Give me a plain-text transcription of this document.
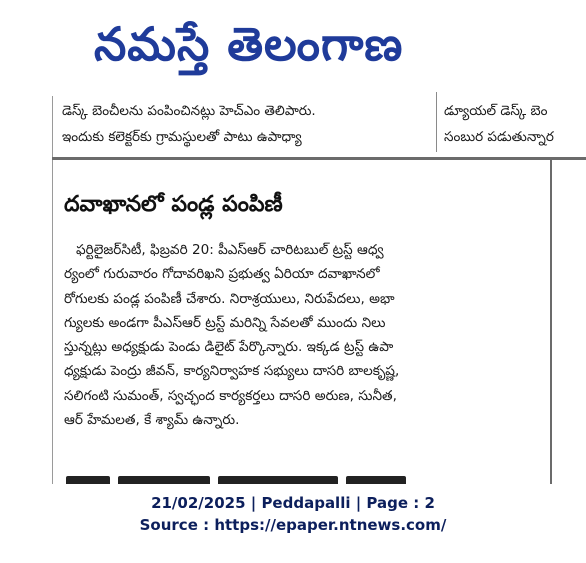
నమస్తే తెలంగాణ
డెస్క్ బెంచీలను పంపించినట్లు హెచ్ఎం తెలిపారు.
ఇందుకు కలెక్టర్‌కు గ్రామస్థులతో పాటు ఉపాధ్యా
డ్యూయల్ డెస్క్ బెం
సంబుర పడుతున్నార
దవాఖానలో పండ్ల పంపిణీ
ఫర్టిలైజర్‌సిటీ, ఫిబ్రవరి 20: పీఎస్ఆర్ చారిటబుల్ ట్రస్ట్ ఆధ్వ
ర్యంలో గురువారం గోదావరిఖని ప్రభుత్వ ఏరియా దవాఖానలో
రోగులకు పండ్ల పంపిణీ చేశారు. నిరాశ్రయులు, నిరుపేదలు, అభా
గ్యులకు అండగా పీఎస్ఆర్ ట్రస్ట్ మరిన్ని సేవలతో ముందు నిలు
స్తున్నట్లు అధ్యక్షుడు పెండు డిలైట్ పేర్కొన్నారు. ఇక్కడ ట్రస్ట్ ఉపా
ధ్యక్షుడు పెంద్రు జీవన్, కార్యనిర్వాహక సభ్యులు దాసరి బాలకృష్ణ,
సలిగంటి సుమంత్, స్వచ్ఛంద కార్యకర్తలు దాసరి అరుణ, సునీత,
ఆర్ హేమలత, కే శ్యామ్ ఉన్నారు.
21/02/2025 | Peddapalli | Page : 2
Source : https://epaper.ntnews.com/
